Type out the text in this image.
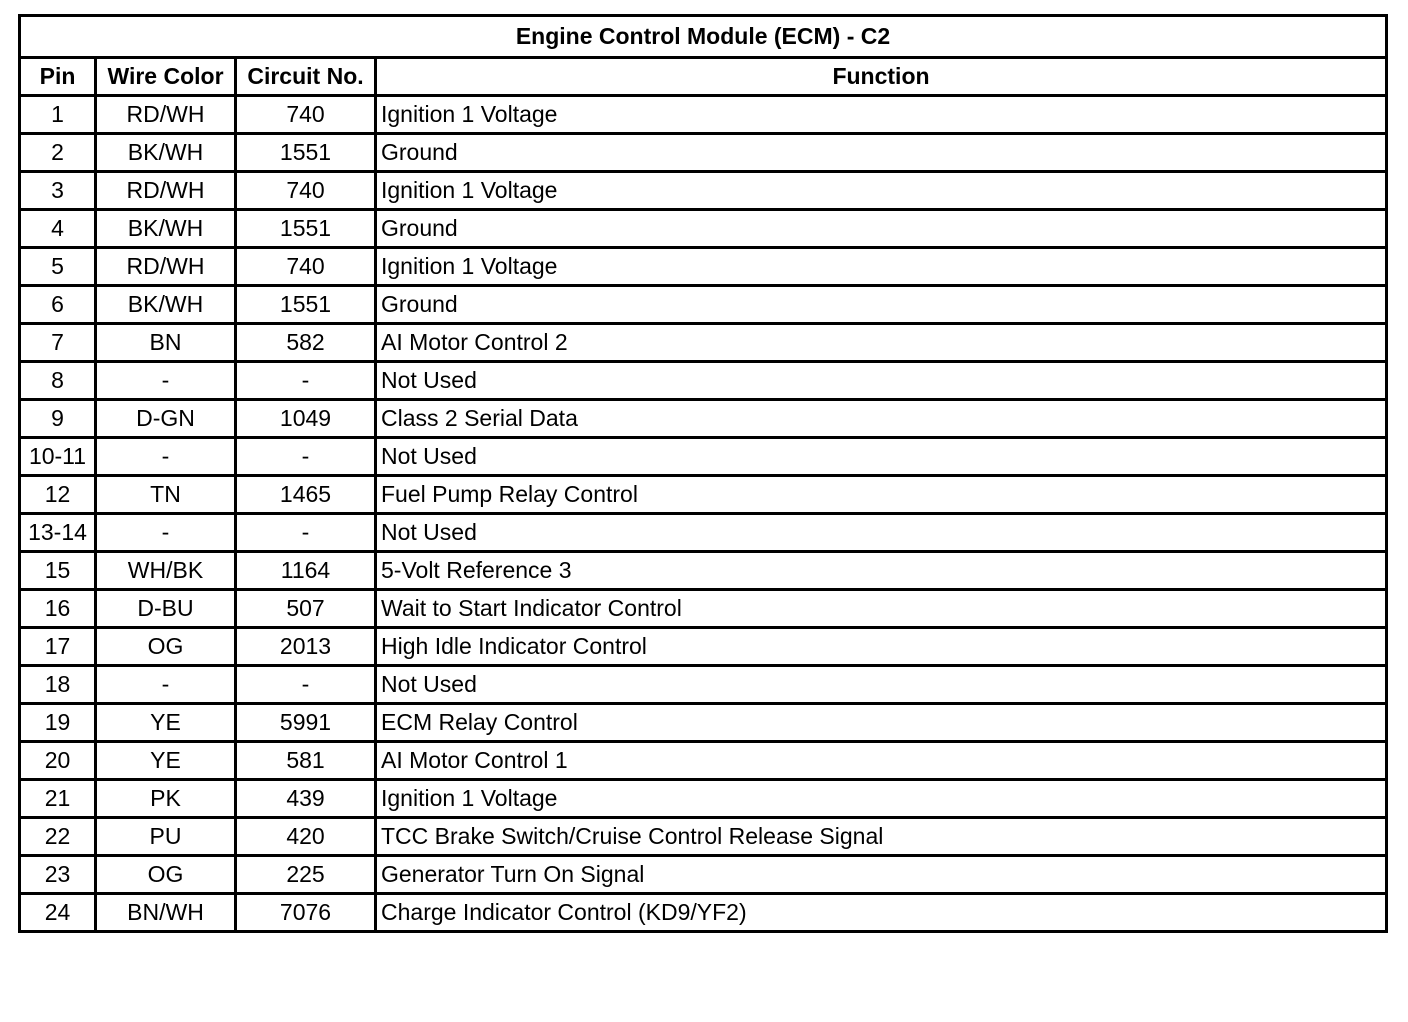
Engine Control Module (ECM) - C2			
Pin	Wire Color	Circuit No.	Function
1	RD/WH	740	Ignition 1 Voltage
2	BK/WH	1551	Ground
3	RD/WH	740	Ignition 1 Voltage
4	BK/WH	1551	Ground
5	RD/WH	740	Ignition 1 Voltage
6	BK/WH	1551	Ground
7	BN	582	AI Motor Control 2
8	-	-	Not Used
9	D-GN	1049	Class 2 Serial Data
10-11	-	-	Not Used
12	TN	1465	Fuel Pump Relay Control
13-14	-	-	Not Used
15	WH/BK	1164	5-Volt Reference 3
16	D-BU	507	Wait to Start Indicator Control
17	OG	2013	High Idle Indicator Control
18	-	-	Not Used
19	YE	5991	ECM Relay Control
20	YE	581	AI Motor Control 1
21	PK	439	Ignition 1 Voltage
22	PU	420	TCC Brake Switch/Cruise Control Release Signal
23	OG	225	Generator Turn On Signal
24	BN/WH	7076	Charge Indicator Control (KD9/YF2)
